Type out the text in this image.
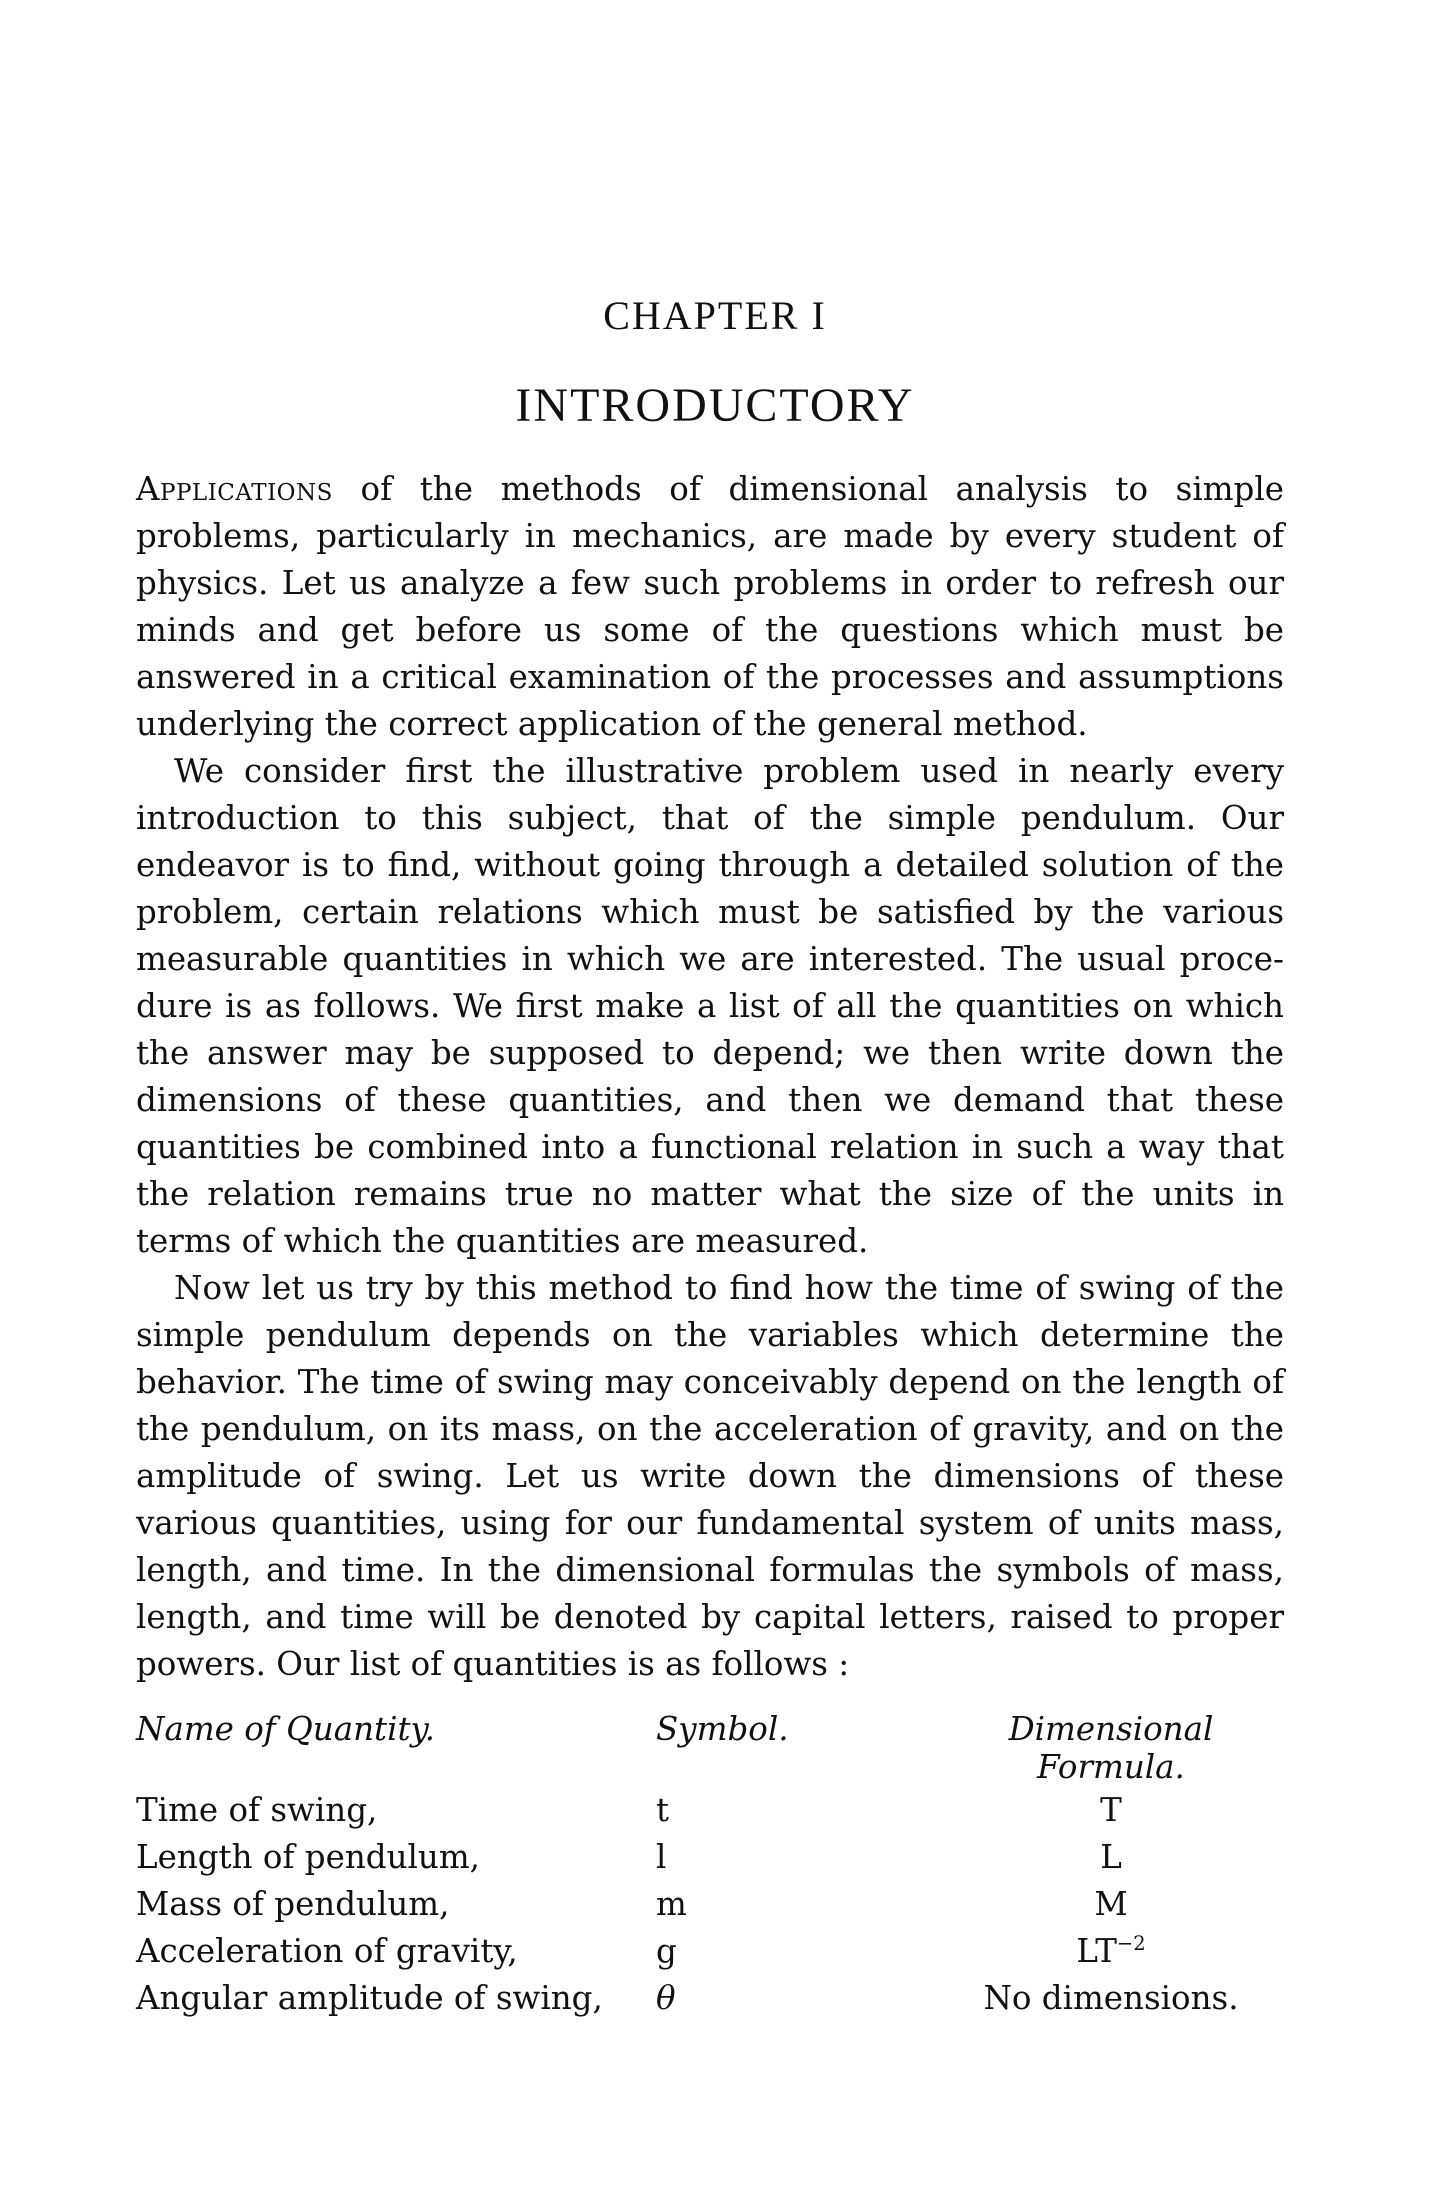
CHAPTER I
INTRODUCTORY

Applications of the methods of dimensional analysis to simple problems, particularly in mechanics, are made by every student of physics. Let us analyze a few such problems in order to refresh our minds and get before us some of the questions which must be answered in a critical examination of the processes and assumptions underlying the correct application of the general method.

We consider first the illustrative problem used in nearly every introduction to this subject, that of the simple pendulum. Our endeavor is to find, without going through a detailed solution of the problem, certain relations which must be satisfied by the various measurable quantities in which we are interested. The usual procedure is as follows. We first make a list of all the quantities on which the answer may be supposed to depend; we then write down the dimensions of these quantities, and then we demand that these quantities be combined into a functional relation in such a way that the relation remains true no matter what the size of the units in terms of which the quantities are measured.

Now let us try by this method to find how the time of swing of the simple pendulum depends on the variables which determine the behavior. The time of swing may conceivably depend on the length of the pendulum, on its mass, on the acceleration of gravity, and on the amplitude of swing. Let us write down the dimensions of these various quantities, using for our fundamental system of units mass, length, and time. In the dimensional formulas the symbols of mass, length, and time will be denoted by capital letters, raised to proper powers. Our list of quantities is as follows :

Name of Quantity.	Symbol.	Dimensional Formula.
Time of swing,	t	T
Length of pendulum,	l	L
Mass of pendulum,	m	M
Acceleration of gravity,	g	$LT^{-2}$
Angular amplitude of swing,	θ	No dimensions.
